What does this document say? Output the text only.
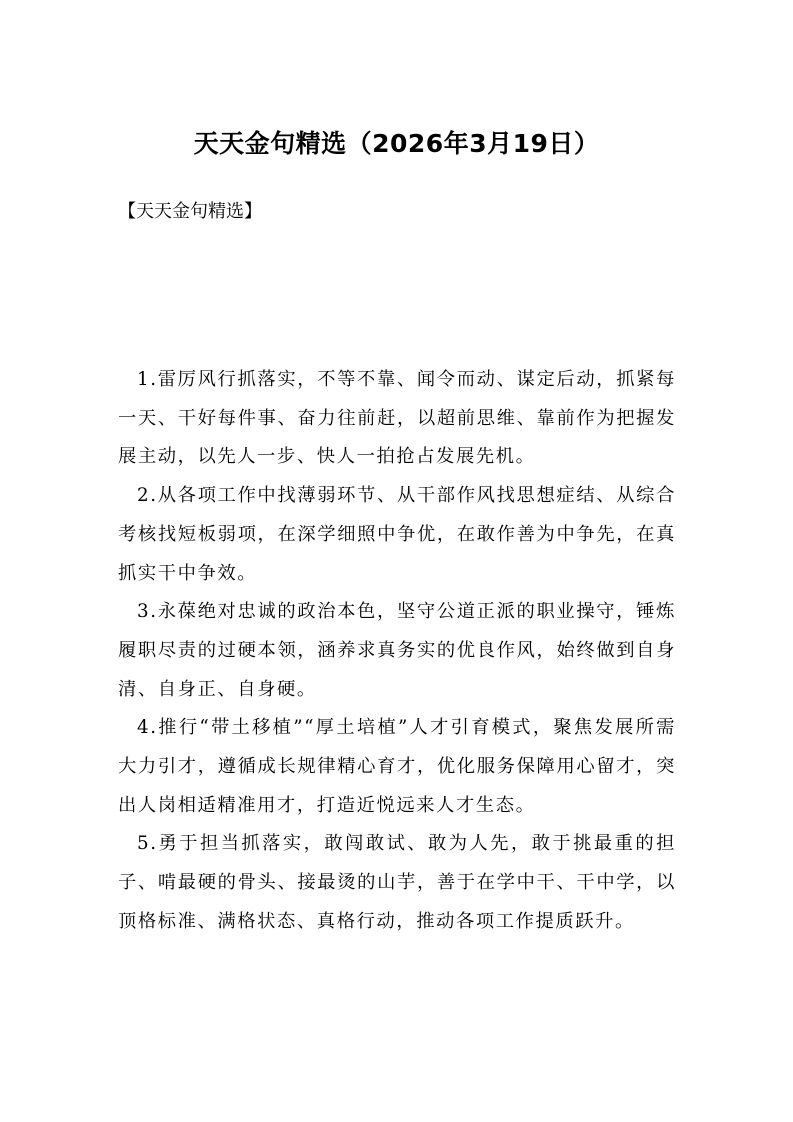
天天金句精选（2026年3月19日）

【天天金句精选】

1.雷厉风行抓落实，不等不靠、闻令而动、谋定后动，抓紧每一天、干好每件事、奋力往前赶，以超前思维、靠前作为把握发展主动，以先人一步、快人一拍抢占发展先机。

2.从各项工作中找薄弱环节、从干部作风找思想症结、从综合考核找短板弱项，在深学细照中争优，在敢作善为中争先，在真抓实干中争效。

3.永葆绝对忠诚的政治本色，坚守公道正派的职业操守，锤炼履职尽责的过硬本领，涵养求真务实的优良作风，始终做到自身清、自身正、自身硬。

4.推行“带土移植”“厚土培植”人才引育模式，聚焦发展所需大力引才，遵循成长规律精心育才，优化服务保障用心留才，突出人岗相适精准用才，打造近悦远来人才生态。

5.勇于担当抓落实，敢闯敢试、敢为人先，敢于挑最重的担子、啃最硬的骨头、接最烫的山芋，善于在学中干、干中学，以顶格标准、满格状态、真格行动，推动各项工作提质跃升。
